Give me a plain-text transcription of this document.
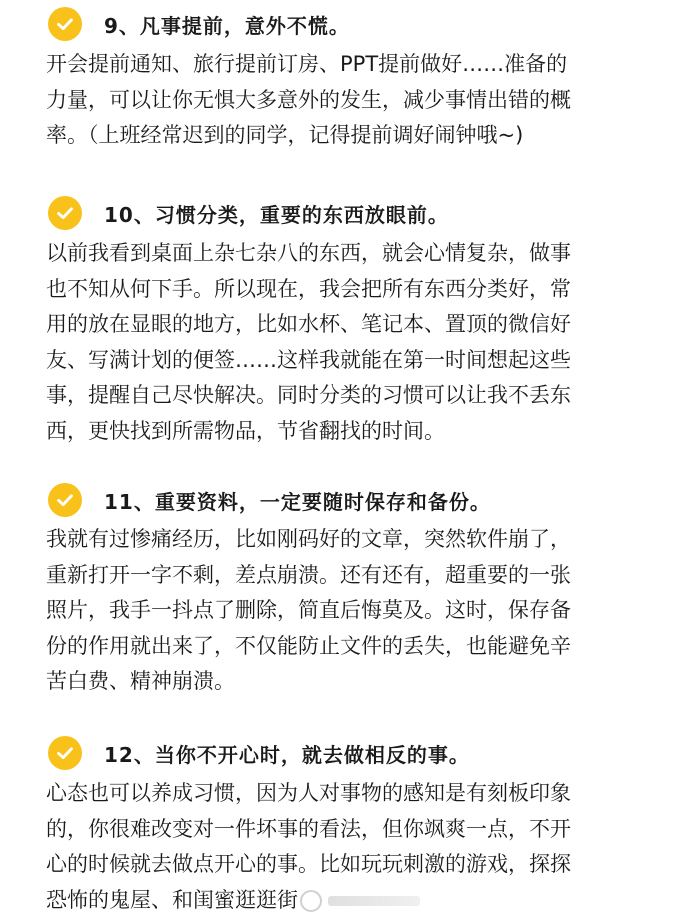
9、凡事提前，意外不慌。
开会提前通知、旅行提前订房、PPT提前做好……准备的
力量，可以让你无惧大多意外的发生，减少事情出错的概
率。（上班经常迟到的同学，记得提前调好闹钟哦~)
10、习惯分类，重要的东西放眼前。
以前我看到桌面上杂七杂八的东西，就会心情复杂，做事
也不知从何下手。所以现在，我会把所有东西分类好，常
用的放在显眼的地方，比如水杯、笔记本、置顶的微信好
友、写满计划的便签……这样我就能在第一时间想起这些
事，提醒自己尽快解决。同时分类的习惯可以让我不丢东
西，更快找到所需物品，节省翻找的时间。
11、重要资料，一定要随时保存和备份。
我就有过惨痛经历，比如刚码好的文章，突然软件崩了，
重新打开一字不剩，差点崩溃。还有还有，超重要的一张
照片，我手一抖点了删除，简直后悔莫及。这时，保存备
份的作用就出来了，不仅能防止文件的丢失，也能避免辛
苦白费、精神崩溃。
12、当你不开心时，就去做相反的事。
心态也可以养成习惯，因为人对事物的感知是有刻板印象
的，你很难改变对一件坏事的看法，但你飒爽一点，不开
心的时候就去做点开心的事。比如玩玩刺激的游戏，探探
恐怖的鬼屋、和闺蜜逛逛街
